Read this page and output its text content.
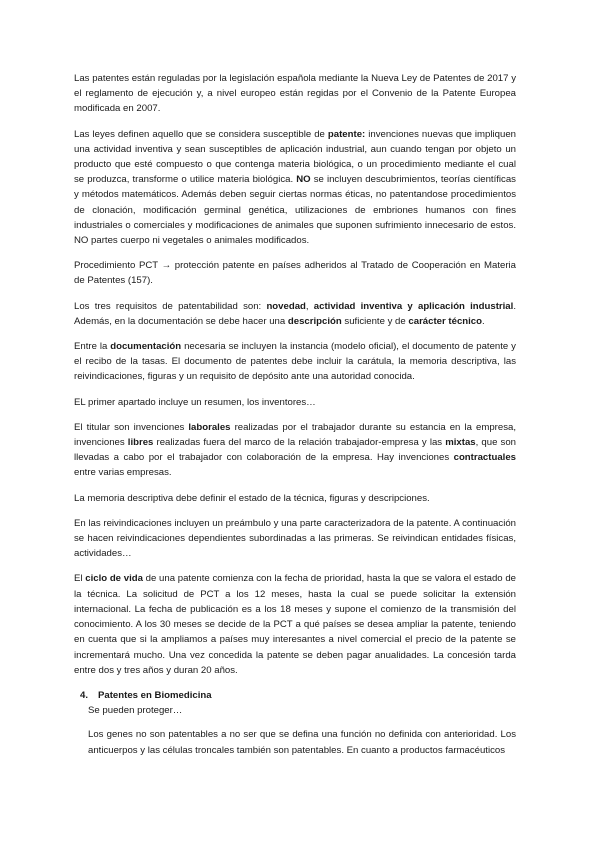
Las patentes están reguladas por la legislación española mediante la Nueva Ley de Patentes de 2017 y el reglamento de ejecución y, a nivel europeo están regidas por el Convenio de la Patente Europea modificada en 2007.

Las leyes definen aquello que se considera susceptible de patente: invenciones nuevas que impliquen una actividad inventiva y sean susceptibles de aplicación industrial, aun cuando tengan por objeto un producto que esté compuesto o que contenga materia biológica, o un procedimiento mediante el cual se produzca, transforme o utilice materia biológica. NO se incluyen descubrimientos, teorías científicas y métodos matemáticos. Además deben seguir ciertas normas éticas, no patentandose procedimientos de clonación, modificación germinal genética, utilizaciones de embriones humanos con fines industriales o comerciales y modificaciones de animales que suponen sufrimiento innecesario de estos. NO partes cuerpo ni vegetales o animales modificados.

Procedimiento PCT → protección patente en países adheridos al Tratado de Cooperación en Materia de Patentes (157).

Los tres requisitos de patentabilidad son: novedad, actividad inventiva y aplicación industrial. Además, en la documentación se debe hacer una descripción suficiente y de carácter técnico.

Entre la documentación necesaria se incluyen la instancia (modelo oficial), el documento de patente y el recibo de la tasas. El documento de patentes debe incluir la carátula, la memoria descriptiva, las reivindicaciones, figuras y un requisito de depósito ante una autoridad conocida.

EL primer apartado incluye un resumen, los inventores…

El titular son invenciones laborales realizadas por el trabajador durante su estancia en la empresa, invenciones libres realizadas fuera del marco de la relación trabajador-empresa y las mixtas, que son llevadas a cabo por el trabajador con colaboración de la empresa. Hay invenciones contractuales entre varias empresas.

La memoria descriptiva debe definir el estado de la técnica, figuras y descripciones.

En las reivindicaciones incluyen un preámbulo y una parte caracterizadora de la patente. A continuación se hacen reivindicaciones dependientes subordinadas a las primeras. Se reivindican entidades físicas, actividades…

El ciclo de vida de una patente comienza con la fecha de prioridad, hasta la que se valora el estado de la técnica. La solicitud de PCT a los 12 meses, hasta la cual se puede solicitar la extensión internacional. La fecha de publicación es a los 18 meses y supone el comienzo de la transmisión del conocimiento. A los 30 meses se decide de la PCT a qué países se desea ampliar la patente, teniendo en cuenta que si la ampliamos a países muy interesantes a nivel comercial el precio de la patente se incrementará mucho. Una vez concedida la patente se deben pagar anualidades. La concesión tarda entre dos y tres años y duran 20 años.

4.	Patentes en Biomedicina

Se pueden proteger…

Los genes no son patentables a no ser que se defina una función no definida con anterioridad. Los anticuerpos y las células troncales también son patentables. En cuanto a productos farmacéuticos
